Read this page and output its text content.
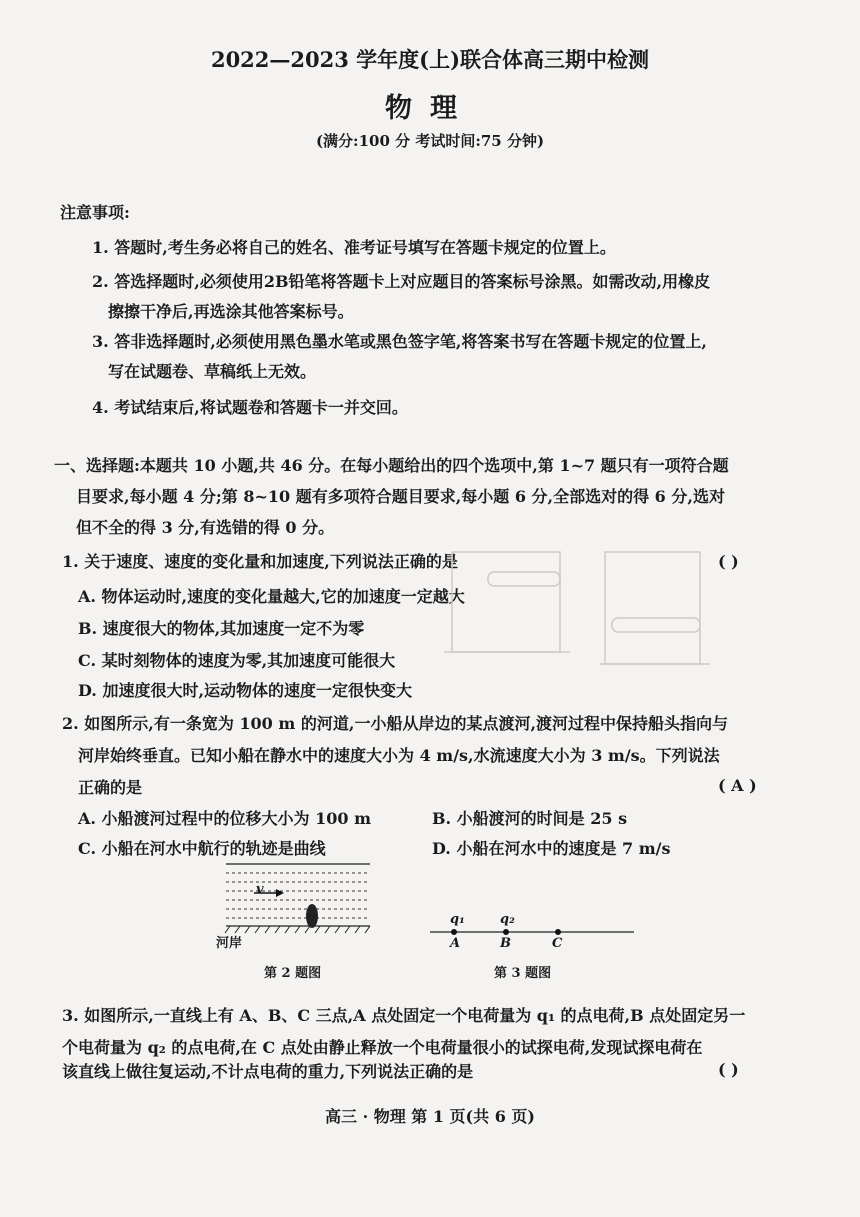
2022—2023 学年度(上)联合体高三期中检测
物理
(满分:100 分 考试时间:75 分钟)
注意事项:
1. 答题时,考生务必将自己的姓名、准考证号填写在答题卡规定的位置上。
2. 答选择题时,必须使用2B铅笔将答题卡上对应题目的答案标号涂黑。如需改动,用橡皮
擦擦干净后,再选涂其他答案标号。
3. 答非选择题时,必须使用黑色墨水笔或黑色签字笔,将答案书写在答题卡规定的位置上,
写在试题卷、草稿纸上无效。
4. 考试结束后,将试题卷和答题卡一并交回。
一、选择题:本题共 10 小题,共 46 分。在每小题给出的四个选项中,第 1~7 题只有一项符合题
目要求,每小题 4 分;第 8~10 题有多项符合题目要求,每小题 6 分,全部选对的得 6 分,选对
但不全的得 3 分,有选错的得 0 分。
1. 关于速度、速度的变化量和加速度,下列说法正确的是	( )
A. 物体运动时,速度的变化量越大,它的加速度一定越大
B. 速度很大的物体,其加速度一定不为零
C. 某时刻物体的速度为零,其加速度可能很大
D. 加速度很大时,运动物体的速度一定很快变大
2. 如图所示,有一条宽为 100 m 的河道,一小船从岸边的某点渡河,渡河过程中保持船头指向与
河岸始终垂直。已知小船在静水中的速度大小为 4 m/s,水流速度大小为 3 m/s。下列说法
正确的是	( A )
A. 小船渡河过程中的位移大小为 100 m	B. 小船渡河的时间是 25 s
C. 小船在河水中航行的轨迹是曲线	D. 小船在河水中的速度是 7 m/s
v
河岸
第 2 题图
q₁	q₂
A	B	C
第 3 题图
3. 如图所示,一直线上有 A、B、C 三点,A 点处固定一个电荷量为 q₁ 的点电荷,B 点处固定另一
个电荷量为 q₂ 的点电荷,在 C 点处由静止释放一个电荷量很小的试探电荷,发现试探电荷在
该直线上做往复运动,不计点电荷的重力,下列说法正确的是	( )
高三 · 物理 第 1 页(共 6 页)
